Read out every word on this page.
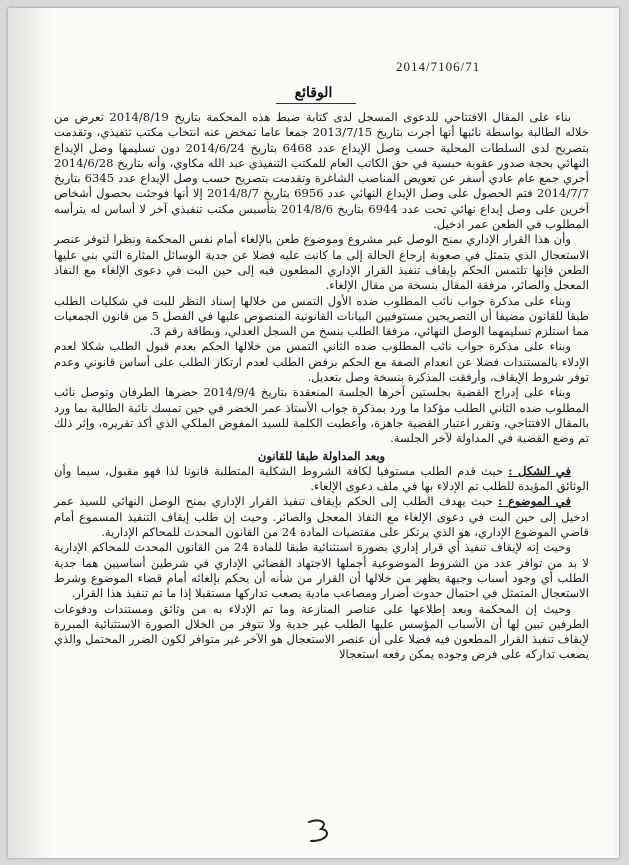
2014/7106/71
الوقائع

بناء على المقال الافتتاحي للدعوى المسجل لدى كتابة ضبط هذه المحكمة بتاريخ 2014/8/19 تعرض من خلاله الطالبة بواسطة نائبها أنها أجرت بتاريخ 2013/7/15 جمعا عاما تمخض عنه انتخاب مكتب تنفيذي، وتقدمت بتصريح لدى السلطات المحلية حسب وصل الإيداع عدد 6468 بتاريخ 2014/6/24 دون تسليمها وصل الإيداع النهائي بحجة صدور عقوبة حبسية في حق الكاتب العام للمكتب التنفيذي عبد الله مكاوي، وأنه بتاريخ 2014/6/28 أجري جمع عام عادي أسفر عن تعويض المناصب الشاغرة وتقدمت بتصريح حسب وصل الإيداع عدد 6345 بتاريخ 2014/7/7 فتم الحصول على وصل الإيداع النهائي عدد 6956 بتاريخ 2014/8/7 إلا أنها فوجئت بحصول أشخاص آخرين على وصل إيداع نهائي تحت عدد 6944 بتاريخ 2014/8/6 بتأسيس مكتب تنفيذي آخر لا أساس له يترأسه المطلوب في الطعن عمر ادخيل.

وأن هذا القرار الإداري بمنح الوصل غير مشروع وموضوع طعن بالإلغاء أمام نفس المحكمة ونظرا لتوفر عنصر الاستعجال الذي يتمثل في صعوبة إرجاع الحالة إلى ما كانت عليه فضلا عن جدية الوسائل المثارة التي بني عليها الطعن فإنها تلتمس الحكم بإيقاف تنفيذ القرار الإداري المطعون فيه إلى حين البت في دعوى الإلغاء مع النفاذ المعجل والصائر، مرفقة المقال بنسخة من مقال الإلغاء.

وبناء على مذكرة جواب نائب المطلوب ضده الأول التمس من خلالها إسناد النظر للبت في شكليات الطلب طبقا للقانون مضيفا أن التصريحين مستوفيين البيانات القانونية المنصوص عليها في الفصل 5 من قانون الجمعيات مما استلزم تسليمهما الوصل النهائي، مرفقا الطلب بنسخ من السجل العدلي، وبطاقة رقم 3.

وبناء على مذكرة جواب نائب المطلوب ضده الثاني التمس من خلالها الحكم بعدم قبول الطلب شكلا لعدم الإدلاء بالمستندات فضلا عن انعدام الصفة مع الحكم برفض الطلب لعدم ارتكاز الطلب على أساس قانوني وعدم توفر شروط الإيقاف، وأرفقت المذكرة بنسخة وصل بتعديل.

وبناء على إدراج القضية بجلستين آخرها الجلسة المنعقدة بتاريخ 2014/9/4 حضرها الطرفان وتوصل نائب المطلوب ضده الثاني الطلب مؤكدا ما ورد بمذكرة جواب الأستاذ عمر الخضر في حين تمسك نائبة الطالبة بما ورد بالمقال الافتتاحي، وتقرر اعتبار القضية جاهزة، وأعطيت الكلمة للسيد المفوض الملكي الذي أكد تقريره، وإثر ذلك تم وضع القضية في المداولة لآخر الجلسة.

وبعد المداولة طبقا للقانون

في الشكل : حيث قدم الطلب مستوفيا لكافة الشروط الشكلية المتطلبة قانونا لذا فهو مقبول، سيما وأن الوثائق المؤيدة للطلب تم الإدلاء بها في ملف دعوى الإلغاء.

في الموضوع : حيث يهدف الطلب إلى الحكم بإيقاف تنفيذ القرار الإداري بمنح الوصل النهائي للسيد عمر ادخيل إلى حين البت في دعوى الإلغاء مع النفاذ المعجل والصائر. وحيث إن طلب إيقاف التنفيذ المسموع أمام قاضي الموضوع الإداري، هو الذي يرتكز على مقتضيات المادة 24 من القانون المحدث للمحاكم الإدارية.

وحيث إنه لإيقاف تنفيذ أي قرار إداري بصورة استثنائية طبقا للمادة 24 من القانون المحدث للمحاكم الإدارية لا بد من توافر عدد من الشروط الموضوعية أجملها الاجتهاد القضائي الإداري في شرطين أساسيين هما جدية الطلب أي وجود أسباب وجيهة يظهر من خلالها أن القرار من شأنه أن يحكم بإلغائه أمام قضاء الموضوع وشرط الاستعجال المتمثل في احتمال حدوث أضرار ومصاعب مادية يصعب تداركها مستقبلا إذا ما تم تنفيذ هذا القرار.

وحيث إن المحكمة وبعد إطلاعها على عناصر المنازعة وما تم الإدلاء به من وثائق ومستندات ودفوعات الطرفين تبين لها أن الأسباب المؤسس عليها الطلب غير جدية ولا تتوفر من الخلال الصورة الاستثنائية المبررة لإيقاف تنفيذ القرار المطعون فيه فضلا على أن عنصر الاستعجال هو الآخر غير متوافر لكون الضرر المحتمل والذي يصعب تداركه على فرض وجوده يمكن رفعه استعجالا
